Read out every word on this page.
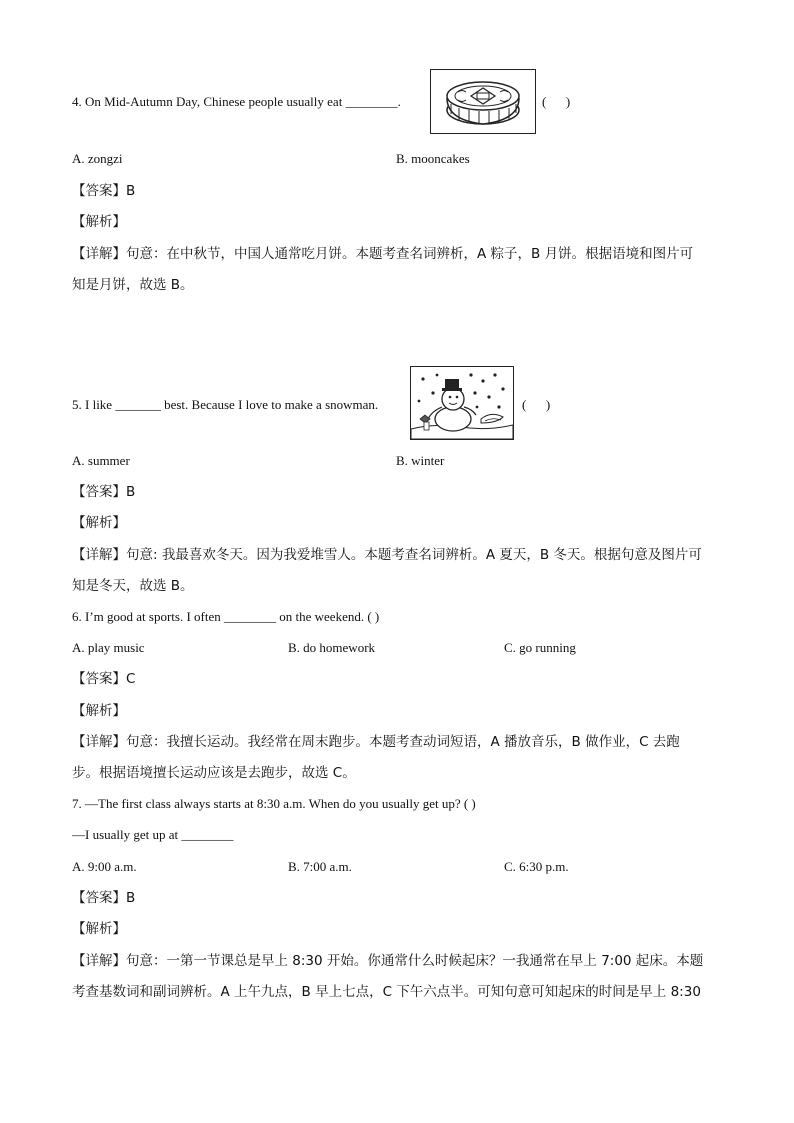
4. On Mid-Autumn Day, Chinese people usually eat ________.	(      )
A. zongzi	B. mooncakes
【答案】B
【解析】
【详解】句意：在中秋节，中国人通常吃月饼。本题考查名词辨析，A 粽子，B 月饼。根据语境和图片可
知是月饼，故选 B。
5. I like _______ best. Because I love to make a snowman.	(      )
A. summer	B. winter
【答案】B
【解析】
【详解】句意: 我最喜欢冬天。因为我爱堆雪人。本题考查名词辨析。A 夏天，B 冬天。根据句意及图片可
知是冬天，故选 B。
6. I’m good at sports. I often ________ on the weekend. ( )
A. play music	B. do homework	C. go running
【答案】C
【解析】
【详解】句意：我擅长运动。我经常在周末跑步。本题考查动词短语，A 播放音乐，B 做作业，C 去跑
步。根据语境擅长运动应该是去跑步，故选 C。
7. —The first class always starts at 8:30 a.m. When do you usually get up? ( )
—I usually get up at ________
A. 9:00 a.m.	B. 7:00 a.m.	C. 6:30 p.m.
【答案】B
【解析】
【详解】句意：一第一节课总是早上 8:30 开始。你通常什么时候起床？一我通常在早上 7:00 起床。本题
考查基数词和副词辨析。A 上午九点，B 早上七点，C 下午六点半。可知句意可知起床的时间是早上 8:30
